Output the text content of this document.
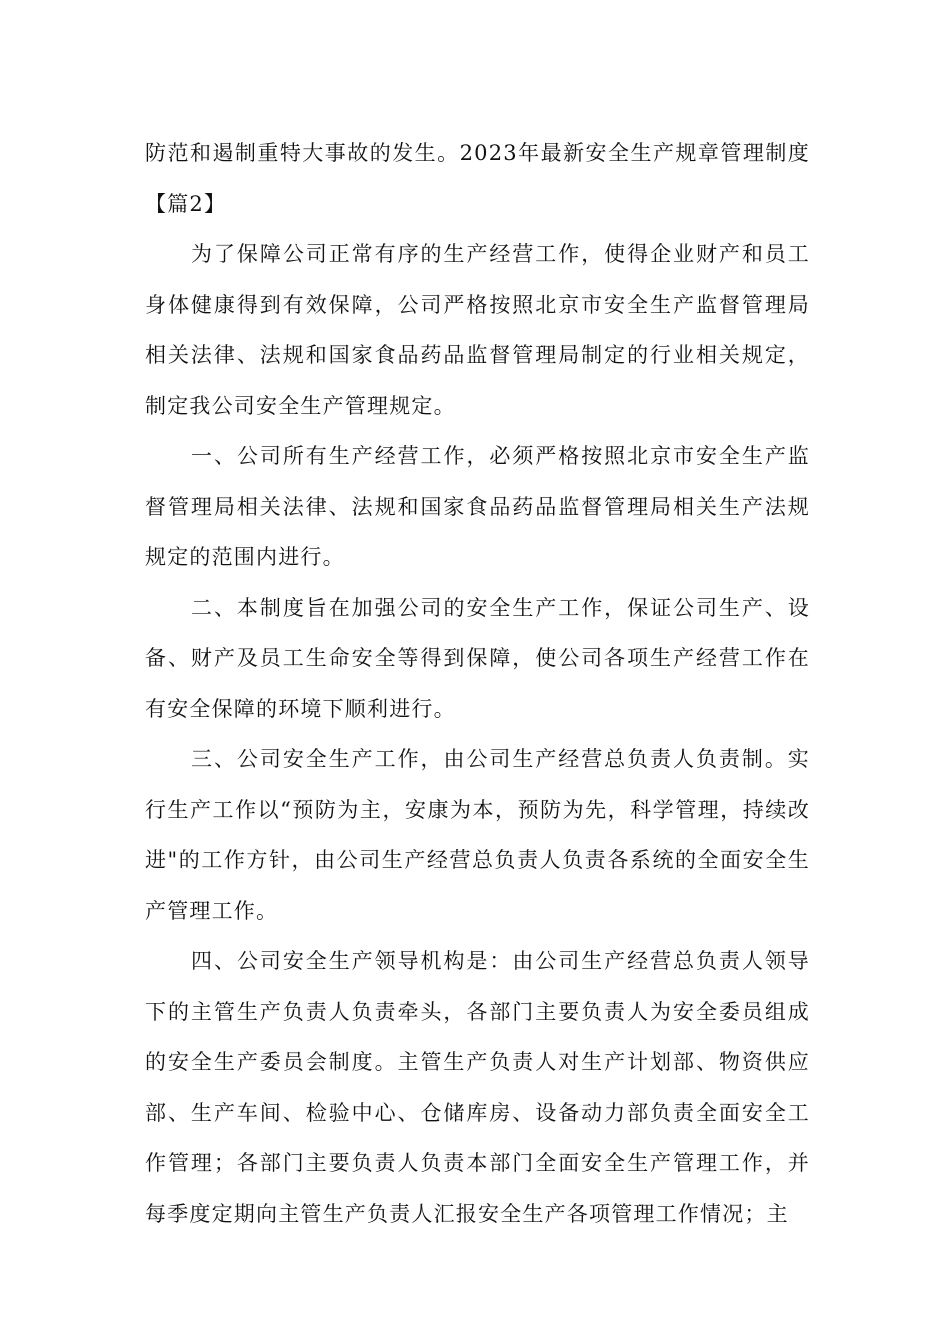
防范和遏制重特大事故的发生。2023年最新安全生产规章管理制度【篇2】

为了保障公司正常有序的生产经营工作，使得企业财产和员工身体健康得到有效保障，公司严格按照北京市安全生产监督管理局相关法律、法规和国家食品药品监督管理局制定的行业相关规定，制定我公司安全生产管理规定。

一、公司所有生产经营工作，必须严格按照北京市安全生产监督管理局相关法律、法规和国家食品药品监督管理局相关生产法规规定的范围内进行。

二、本制度旨在加强公司的安全生产工作，保证公司生产、设备、财产及员工生命安全等得到保障，使公司各项生产经营工作在有安全保障的环境下顺利进行。

三、公司安全生产工作，由公司生产经营总负责人负责制。实行生产工作以“预防为主，安康为本，预防为先，科学管理，持续改进"的工作方针，由公司生产经营总负责人负责各系统的全面安全生产管理工作。

四、公司安全生产领导机构是：由公司生产经营总负责人领导下的主管生产负责人负责牵头，各部门主要负责人为安全委员组成的安全生产委员会制度。主管生产负责人对生产计划部、物资供应部、生产车间、检验中心、仓储库房、设备动力部负责全面安全工作管理；各部门主要负责人负责本部门全面安全生产管理工作，并每季度定期向主管生产负责人汇报安全生产各项管理工作情况；主
